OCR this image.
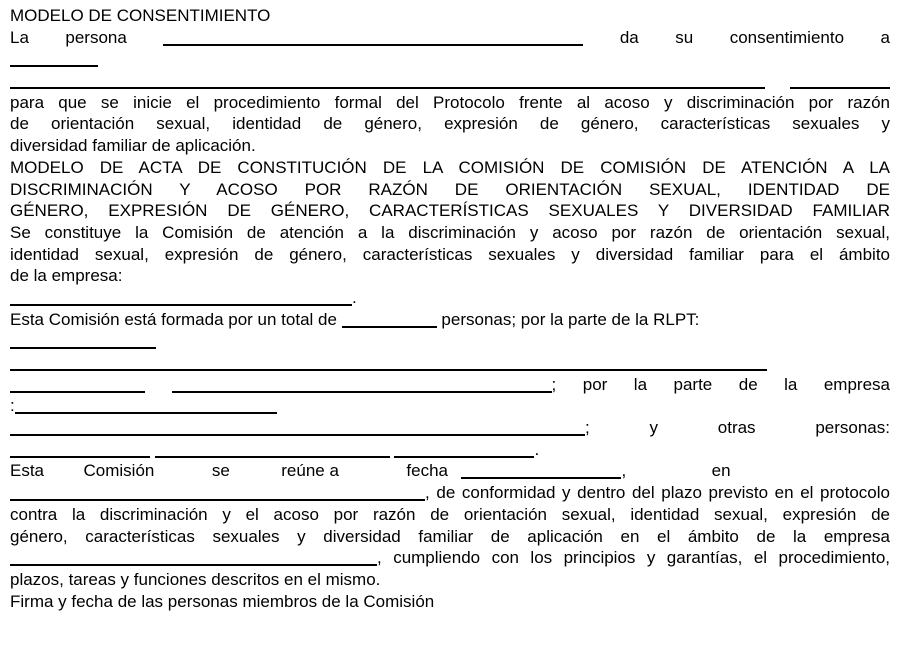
MODELO DE CONSENTIMIENTO
La persona	da su consentimiento a

para que se inicie el procedimiento formal del Protocolo frente al acoso y discriminación por razón
de orientación sexual, identidad de género, expresión de género, características sexuales y
diversidad familiar de aplicación.
MODELO DE ACTA DE CONSTITUCIÓN DE LA COMISIÓN DE COMISIÓN DE ATENCIÓN A LA
DISCRIMINACIÓN Y ACOSO POR RAZÓN DE ORIENTACIÓN SEXUAL, IDENTIDAD DE
GÉNERO, EXPRESIÓN DE GÉNERO, CARACTERÍSTICAS SEXUALES Y DIVERSIDAD FAMILIAR
Se constituye la Comisión de atención a la discriminación y acoso por razón de orientación sexual,
identidad sexual, expresión de género, características sexuales y diversidad familiar para el ámbito
de la empresa:
.
Esta Comisión está formada por un total de	personas; por la parte de la RLPT:
; por la parte de la empresa
:
;	y otras personas:
.
Esta Comisión	se	reúne a	fecha	,	en
, de conformidad y dentro del plazo previsto en el protocolo
contra la discriminación y el acoso por razón de orientación sexual, identidad sexual, expresión de
género, características sexuales y diversidad familiar de aplicación en el ámbito de la empresa
, cumpliendo con los principios y garantías, el procedimiento,
plazos, tareas y funciones descritos en el mismo.
Firma y fecha de las personas miembros de la Comisión
